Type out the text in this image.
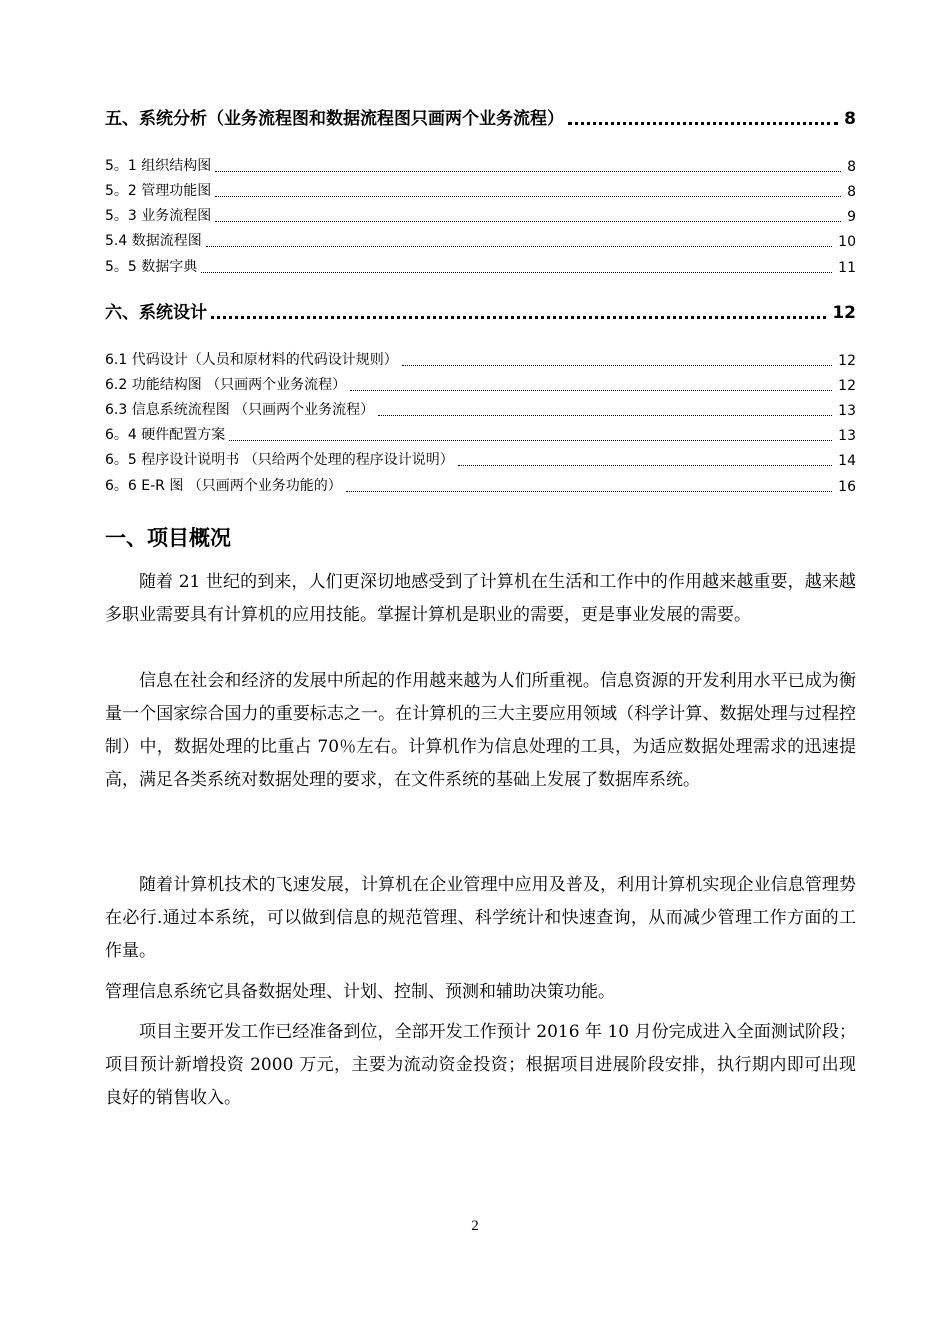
五、系统分析（业务流程图和数据流程图只画两个业务流程）	8
5。1 组织结构图	8
5。2 管理功能图	8
5。3 业务流程图	9
5.4 数据流程图	10
5。5 数据字典	11
六、系统设计	12
6.1 代码设计（人员和原材料的代码设计规则）	12
6.2 功能结构图 （只画两个业务流程）	12
6.3 信息系统流程图 （只画两个业务流程）	13
6。4 硬件配置方案	13
6。5 程序设计说明书 （只给两个处理的程序设计说明）	14
6。6 E-R 图 （只画两个业务功能的）	16
一、项目概况

随着 21 世纪的到来，人们更深切地感受到了计算机在生活和工作中的作用越来越重要，越来越多职业需要具有计算机的应用技能。掌握计算机是职业的需要，更是事业发展的需要。

信息在社会和经济的发展中所起的作用越来越为人们所重视。信息资源的开发利用水平已成为衡量一个国家综合国力的重要标志之一。在计算机的三大主要应用领域（科学计算、数据处理与过程控制）中，数据处理的比重占 70％左右。计算机作为信息处理的工具，为适应数据处理需求的迅速提高，满足各类系统对数据处理的要求，在文件系统的基础上发展了数据库系统。

随着计算机技术的飞速发展，计算机在企业管理中应用及普及，利用计算机实现企业信息管理势在必行.通过本系统，可以做到信息的规范管理、科学统计和快速查询，从而减少管理工作方面的工作量。

管理信息系统它具备数据处理、计划、控制、预测和辅助决策功能。

项目主要开发工作已经准备到位，全部开发工作预计 2016 年 10 月份完成进入全面测试阶段；项目预计新增投资 2000 万元，主要为流动资金投资；根据项目进展阶段安排，执行期内即可出现良好的销售收入。

2
